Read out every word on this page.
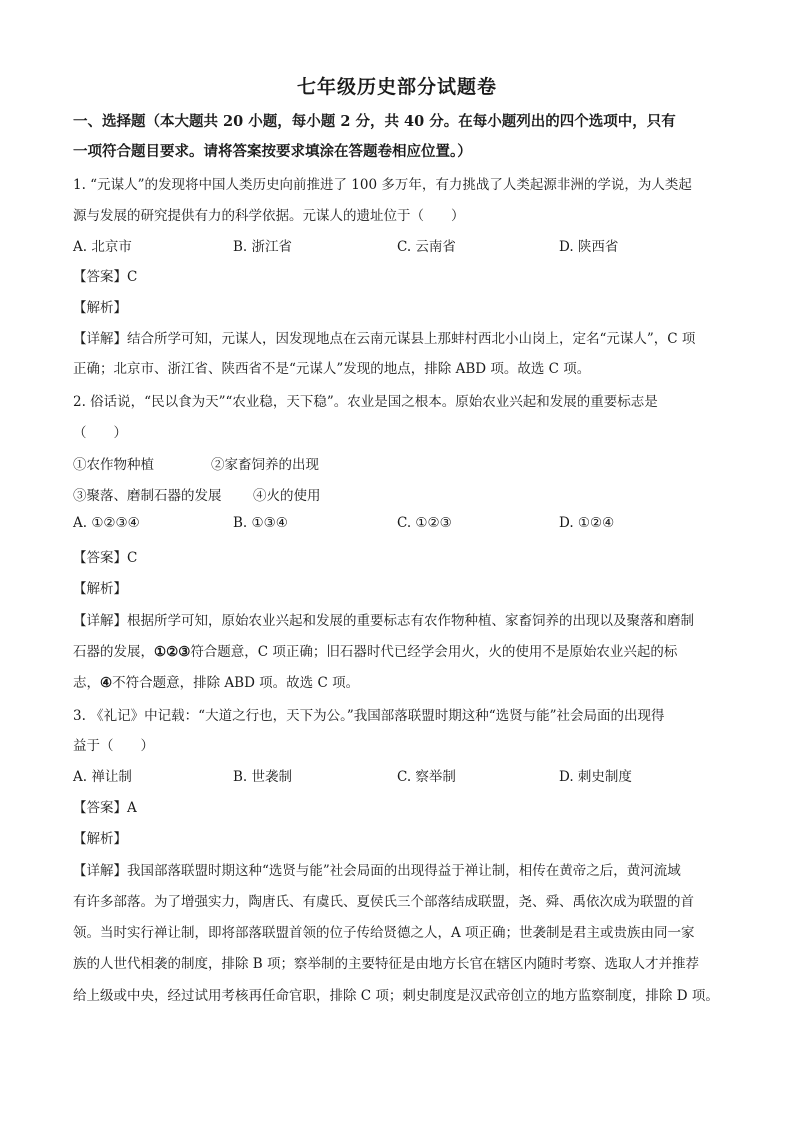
七年级历史部分试题卷
一、选择题（本大题共 20 小题，每小题 2 分，共 40 分。在每小题列出的四个选项中，只有
一项符合题目要求。请将答案按要求填涂在答题卷相应位置。）
1. “元谋人”的发现将中国人类历史向前推进了 100 多万年，有力挑战了人类起源非洲的学说，为人类起
源与发展的研究提供有力的科学依据。元谋人的遗址位于（　　）
A. 北京市	B. 浙江省	C. 云南省	D. 陕西省
【答案】C
【解析】
【详解】结合所学可知，元谋人，因发现地点在云南元谋县上那蚌村西北小山岗上，定名“元谋人”，C 项
正确；北京市、浙江省、陕西省不是“元谋人”发现的地点，排除 ABD 项。故选 C 项。
2. 俗话说，“民以食为天”“农业稳，天下稳”。农业是国之根本。原始农业兴起和发展的重要标志是
（　　）
①农作物种植	②家畜饲养的出现
③聚落、磨制石器的发展 ④火的使用
A. ①②③④	B. ①③④	C. ①②③	D. ①②④
【答案】C
【解析】
【详解】根据所学可知，原始农业兴起和发展的重要标志有农作物种植、家畜饲养的出现以及聚落和磨制
石器的发展，①②③符合题意，C 项正确；旧石器时代已经学会用火，火的使用不是原始农业兴起的标
志，④不符合题意，排除 ABD 项。故选 C 项。
3. 《礼记》中记载：“大道之行也，天下为公。”我国部落联盟时期这种“选贤与能”社会局面的出现得
益于（　　）
A. 禅让制	B. 世袭制	C. 察举制	D. 刺史制度
【答案】A
【解析】
【详解】我国部落联盟时期这种“选贤与能”社会局面的出现得益于禅让制，相传在黄帝之后，黄河流域
有许多部落。为了增强实力，陶唐氏、有虞氏、夏侯氏三个部落结成联盟，尧、舜、禹依次成为联盟的首
领。当时实行禅让制，即将部落联盟首领的位子传给贤德之人，A 项正确；世袭制是君主或贵族由同一家
族的人世代相袭的制度，排除 B 项；察举制的主要特征是由地方长官在辖区内随时考察、选取人才并推荐
给上级或中央，经过试用考核再任命官职，排除 C 项；刺史制度是汉武帝创立的地方监察制度，排除 D 项。
